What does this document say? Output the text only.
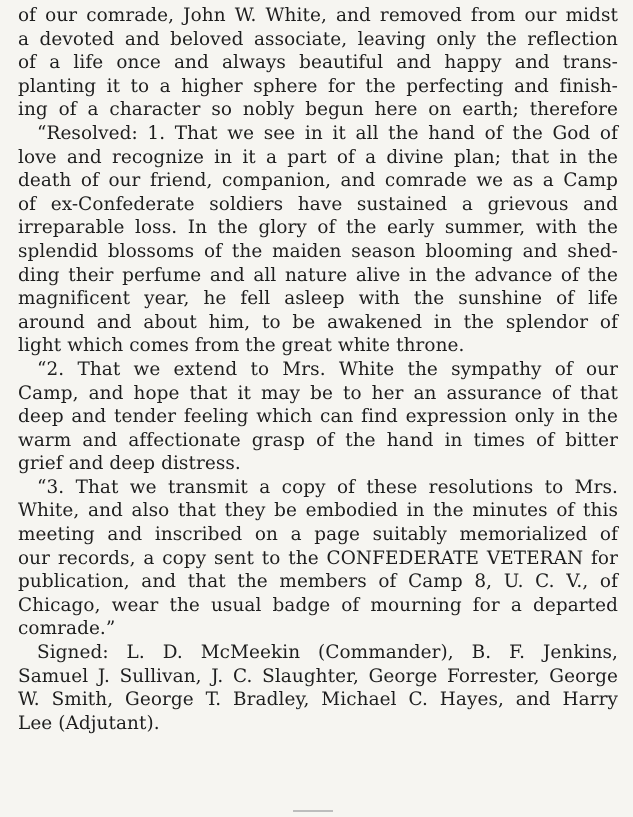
of our comrade, John W. White, and removed from our midst
a devoted and beloved associate, leaving only the reflection
of a life once and always beautiful and happy and trans-
planting it to a higher sphere for the perfecting and finish-
ing of a character so nobly begun here on earth; therefore
“Resolved: 1. That we see in it all the hand of the God of
love and recognize in it a part of a divine plan; that in the
death of our friend, companion, and comrade we as a Camp
of ex-Confederate soldiers have sustained a grievous and
irreparable loss. In the glory of the early summer, with the
splendid blossoms of the maiden season blooming and shed-
ding their perfume and all nature alive in the advance of the
magnificent year, he fell asleep with the sunshine of life
around and about him, to be awakened in the splendor of
light which comes from the great white throne.
“2. That we extend to Mrs. White the sympathy of our
Camp, and hope that it may be to her an assurance of that
deep and tender feeling which can find expression only in the
warm and affectionate grasp of the hand in times of bitter
grief and deep distress.
“3. That we transmit a copy of these resolutions to Mrs.
White, and also that they be embodied in the minutes of this
meeting and inscribed on a page suitably memorialized of
our records, a copy sent to the CONFEDERATE VETERAN for
publication, and that the members of Camp 8, U. C. V., of
Chicago, wear the usual badge of mourning for a departed
comrade.”
Signed: L. D. McMeekin (Commander), B. F. Jenkins,
Samuel J. Sullivan, J. C. Slaughter, George Forrester, George
W. Smith, George T. Bradley, Michael C. Hayes, and Harry
Lee (Adjutant).
